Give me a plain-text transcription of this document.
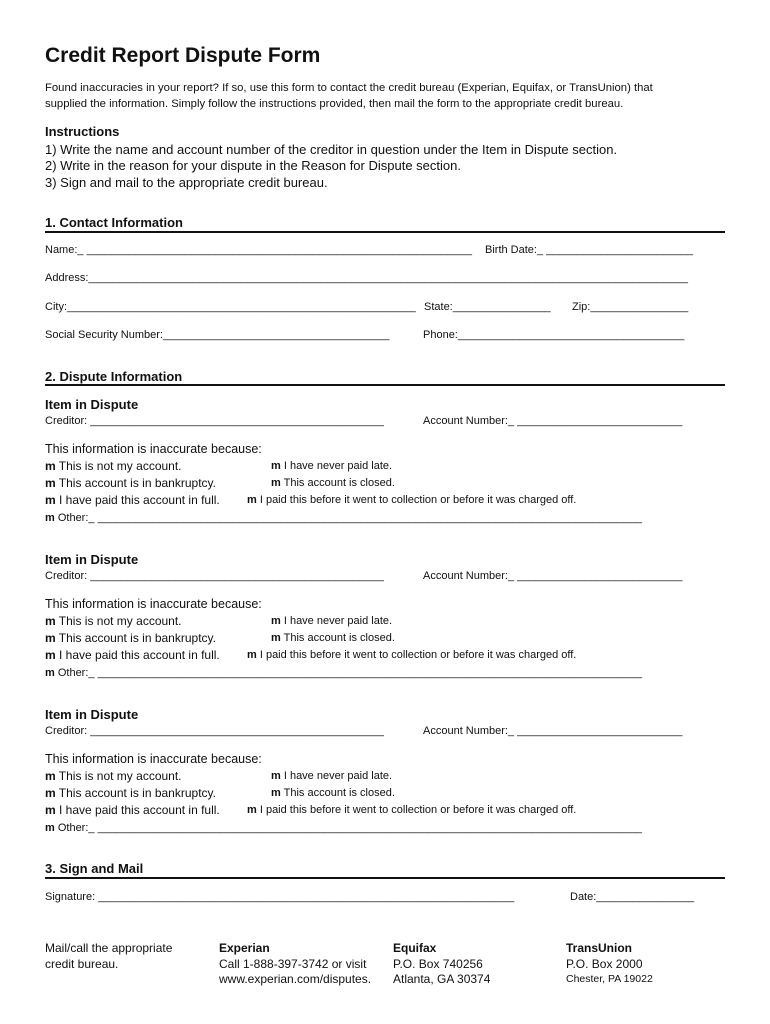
Credit Report Dispute Form
Found inaccuracies in your report? If so, use this form to contact the credit bureau (Experian, Equifax, or TransUnion) that
supplied the information. Simply follow the instructions provided, then mail the form to the appropriate credit bureau.
Instructions
1) Write the name and account number of the creditor in question under the Item in Dispute section.
2) Write in the reason for your dispute in the Reason for Dispute section.
3) Sign and mail to the appropriate credit bureau.
1. Contact Information
Name:_ _______________________________________________________________ Birth Date:_ ________________________
Address:__________________________________________________________________________________________________
City:_________________________________________________________ State:________________ Zip:________________
Social Security Number:_____________________________________	Phone:_____________________________________
2. Dispute Information
Item in Dispute
Creditor: ________________________________________________	Account Number:_ ___________________________
This information is inaccurate because:
m This is not my account.	m I have never paid late.
m This account is in bankruptcy.	m This account is closed.
m I have paid this account in full. m I paid this before it went to collection or before it was charged off.
m Other:_ _________________________________________________________________________________________
Item in Dispute
Creditor: ________________________________________________	Account Number:_ ___________________________
This information is inaccurate because:
m This is not my account.	m I have never paid late.
m This account is in bankruptcy.	m This account is closed.
m I have paid this account in full. m I paid this before it went to collection or before it was charged off.
m Other:_ _________________________________________________________________________________________
Item in Dispute
Creditor: ________________________________________________	Account Number:_ ___________________________
This information is inaccurate because:
m This is not my account.	m I have never paid late.
m This account is in bankruptcy.	m This account is closed.
m I have paid this account in full. m I paid this before it went to collection or before it was charged off.
m Other:_ _________________________________________________________________________________________
3. Sign and Mail
Signature: ____________________________________________________________________	Date:________________
Mail/call the appropriate
credit bureau.
Experian
Call 1-888-397-3742 or visit
www.experian.com/disputes.
Equifax
P.O. Box 740256
Atlanta, GA 30374
TransUnion
P.O. Box 2000
Chester, PA 19022
